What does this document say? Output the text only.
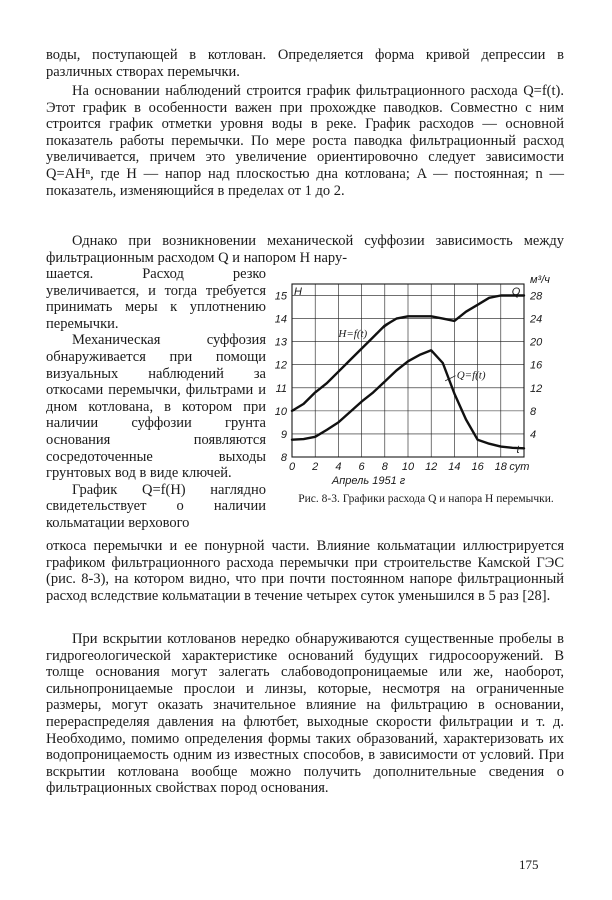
воды, поступающей в котлован. Определяется форма кривой депрессии в различных створах перемычки.

На основании наблюдений строится график фильтрационного расхода Q=f(t). Этот график в особенности важен при прохождке паводков. Совместно с ним строится график отметки уровня воды в реке. График расходов — основной показатель работы перемычки. По мере роста паводка фильтрационный расход увеличивается, причем это увеличение ориентировочно следует зависимости Q=AHⁿ, где H — напор над плоскостью дна котлована; A — постоянная; n — показатель, изменяющийся в пределах от 1 до 2.

Однако при возникновении механической суффозии зависимость между фильтрационным расходом Q и напором H нару-

шается. Расход резко увеличивается, и тогда требуется принимать меры к уплотнению перемычки.

Механическая суффозия обнаруживается при помощи визуальных наблюдений за откосами перемычки, фильтрами и дном котлована, в котором при наличии суффозии грунта основания появляются сосредоточенные выходы грунтовых вод в виде ключей.

График Q=f(H) наглядно свидетельствует о наличии кольматации верхового

0 2 4 6 8 10 12 14 16 18 сут
Апрель 1951 г
t
8
9
10
11
12
13
14
15
4
8
12
16
20
24
28
H	Q
м³/ч
H=f(t)
Q=f(t)
Рис. 8-3. Графики расхода Q и напора H перемычки.

откоса перемычки и ее понурной части. Влияние кольматации иллюстрируется графиком фильтрационного расхода перемычки при строительстве Камской ГЭС (рис. 8-3), на котором видно, что при почти постоянном напоре фильтрационный расход вследствие кольматации в течение четырех суток уменьшился в 5 раз [28].

При вскрытии котлованов нередко обнаруживаются существенные пробелы в гидрогеологической характеристике оснований будущих гидросооружений. В толще основания могут залегать слабоводопроницаемые или же, наоборот, сильнопроницаемые прослои и линзы, которые, несмотря на ограниченные размеры, могут оказать значительное влияние на фильтрацию в основании, перераспределяя давления на флютбет, выходные скорости фильтрации и т. д. Необходимо, помимо определения формы таких образований, характеризовать их водопроницаемость одним из известных способов, в зависимости от условий. При вскрытии котлована вообще можно получить дополнительные сведения о фильтрационных свойствах пород основания.

175
